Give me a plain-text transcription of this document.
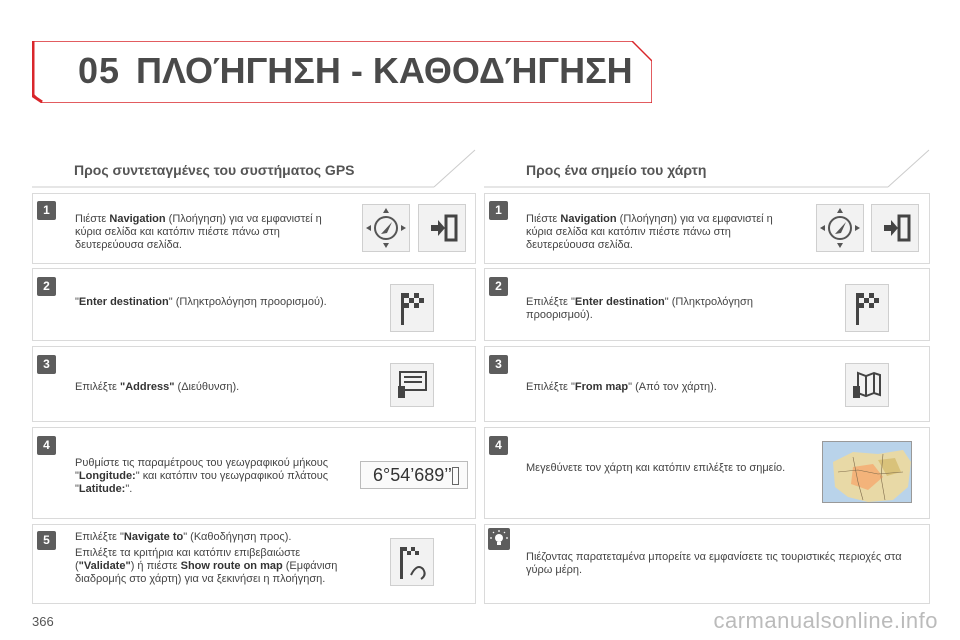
05 ΠΛΟΉΓΗΣΗ - ΚΑΘΟΔΉΓΗΣΗ
Προς συντεταγμένες του συστήματος GPS
1
Πιέστε Navigation (Πλοήγηση) για να εμφανιστεί η κύρια σελίδα και κατόπιν πιέστε πάνω στη δευτερεύουσα σελίδα.
2
"Enter destination" (Πληκτρολόγηση προορισμού).
3
Επιλέξτε "Address" (Διεύθυνση).
4
Ρυθμίστε τις παραμέτρους του γεωγραφικού μήκους "Longitude:" και κατόπιν του γεωγραφικού πλάτους "Latitude:".
6°54’689’’
5	Επιλέξτε "Navigate to" (Καθοδήγηση προς).
Επιλέξτε τα κριτήρια και κατόπιν επιβεβαιώστε ("Validate") ή πιέστε Show route on map (Εμφάνιση διαδρομής στο χάρτη) για να ξεκινήσει η πλοήγηση.
Προς ένα σημείο του χάρτη
1
Πιέστε Navigation (Πλοήγηση) για να εμφανιστεί η κύρια σελίδα και κατόπιν πιέστε πάνω στη δευτερεύουσα σελίδα.
2
Επιλέξτε "Enter destination" (Πληκτρολόγηση προορισμού).
3
Επιλέξτε "From map" (Από τον χάρτη).
4
Μεγεθύνετε τον χάρτη και κατόπιν επιλέξτε το σημείο.
Πιέζοντας παρατεταμένα μπορείτε να εμφανίσετε τις τουριστικές περιοχές στα γύρω μέρη.
366	carmanualsonline.info
